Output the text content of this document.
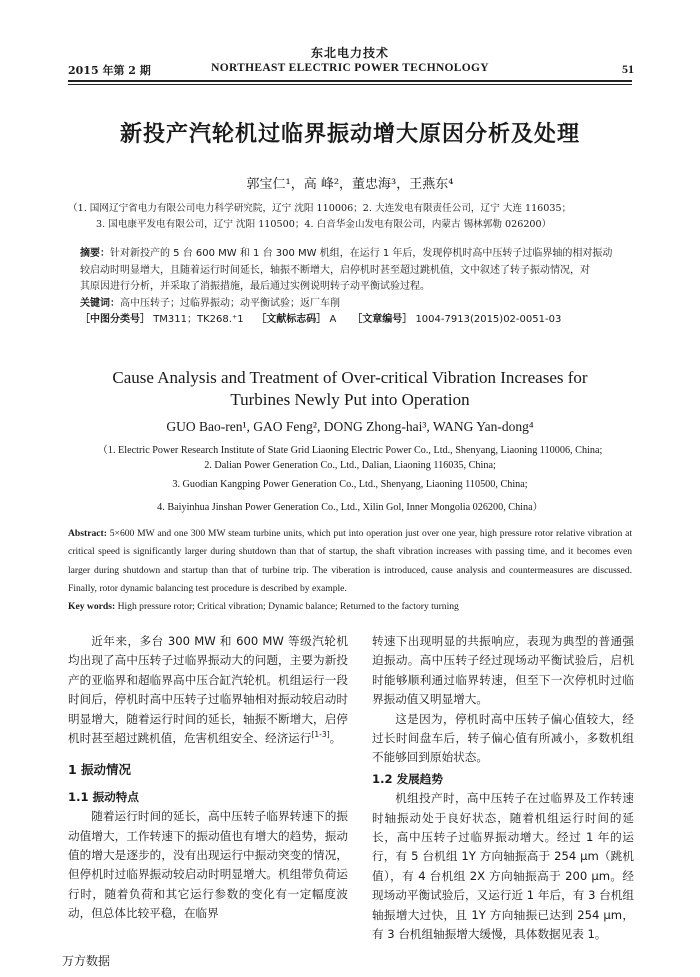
东北电力技术
2015 年第 2 期	NORTHEAST ELECTRIC POWER TECHNOLOGY	51
新投产汽轮机过临界振动增大原因分析及处理
郭宝仁¹，高 峰²，董忠海³，王燕东⁴
（1. 国网辽宁省电力有限公司电力科学研究院，辽宁 沈阳 110006；2. 大连发电有限责任公司，辽宁 大连 116035；
3. 国电康平发电有限公司，辽宁 沈阳 110500；4. 白音华金山发电有限公司，内蒙古 锡林郭勒 026200）
摘要：针对新投产的 5 台 600 MW 和 1 台 300 MW 机组，在运行 1 年后，发现停机时高中压转子过临界轴的相对振动
较启动时明显增大，且随着运行时间延长，轴振不断增大，启停机时甚至超过跳机值，文中叙述了转子振动情况，对
其原因进行分析，并采取了消振措施，最后通过实例说明转子动平衡试验过程。
关键词：高中压转子；过临界振动；动平衡试验；返厂车削
［中图分类号］ TM311；TK268.⁺1 ［文献标志码］ A ［文章编号］ 1004-7913(2015)02-0051-03
Cause Analysis and Treatment of Over-critical Vibration Increases for
Turbines Newly Put into Operation
GUO Bao-ren¹, GAO Feng², DONG Zhong-hai³, WANG Yan-dong⁴
（1. Electric Power Research Institute of State Grid Liaoning Electric Power Co., Ltd., Shenyang, Liaoning 110006, China;
2. Dalian Power Generation Co., Ltd., Dalian, Liaoning 116035, China;
3. Guodian Kangping Power Generation Co., Ltd., Shenyang, Liaoning 110500, China;
4. Baiyinhua Jinshan Power Generation Co., Ltd., Xilin Gol, Inner Mongolia 026200, China）
Abstract: 5×600 MW and one 300 MW steam turbine units, which put into operation just over one year, high pressure rotor relative vibration at critical speed is significantly larger during shutdown than that of startup, the shaft vibration increases with passing time, and it becomes even larger during shutdown and startup than that of turbine trip. The viberation is introduced, cause analysis and countermeasures are discussed. Finally, rotor dynamic balancing test procedure is described by example.
Key words: High pressure rotor; Critical vibration; Dynamic balance; Returned to the factory turning

近年来，多台 300 MW 和 600 MW 等级汽轮机均出现了高中压转子过临界振动大的问题，主要为新投产的亚临界和超临界高中压合缸汽轮机。机组运行一段时间后，停机时高中压转子过临界轴相对振动较启动时明显增大，随着运行时间的延长，轴振不断增大，启停机时甚至超过跳机值，危害机组安全、经济运行[1-3]。

1 振动情况
1.1 振动特点

随着运行时间的延长，高中压转子临界转速下的振动值增大，工作转速下的振动值也有增大的趋势，振动值的增大是逐步的，没有出现运行中振动突变的情况，但停机时过临界振动较启动时明显增大。机组带负荷运行时，随着负荷和其它运行参数的变化有一定幅度波动，但总体比较平稳，在临界

转速下出现明显的共振响应，表现为典型的普通强迫振动。高中压转子经过现场动平衡试验后，启机时能够顺利通过临界转速，但至下一次停机时过临界振动值又明显增大。

这是因为，停机时高中压转子偏心值较大，经过长时间盘车后，转子偏心值有所减小，多数机组不能够回到原始状态。

1.2 发展趋势

机组投产时，高中压转子在过临界及工作转速时轴振动处于良好状态，随着机组运行时间的延长，高中压转子过临界振动增大。经过 1 年的运行，有 5 台机组 1Y 方向轴振高于 254 μm（跳机值），有 4 台机组 2X 方向轴振高于 200 μm。经现场动平衡试验后，又运行近 1 年后，有 3 台机组轴振增大过快，且 1Y 方向轴振已达到 254 μm，有 3 台机组轴振增大缓慢，具体数据见表 1。

万方数据
